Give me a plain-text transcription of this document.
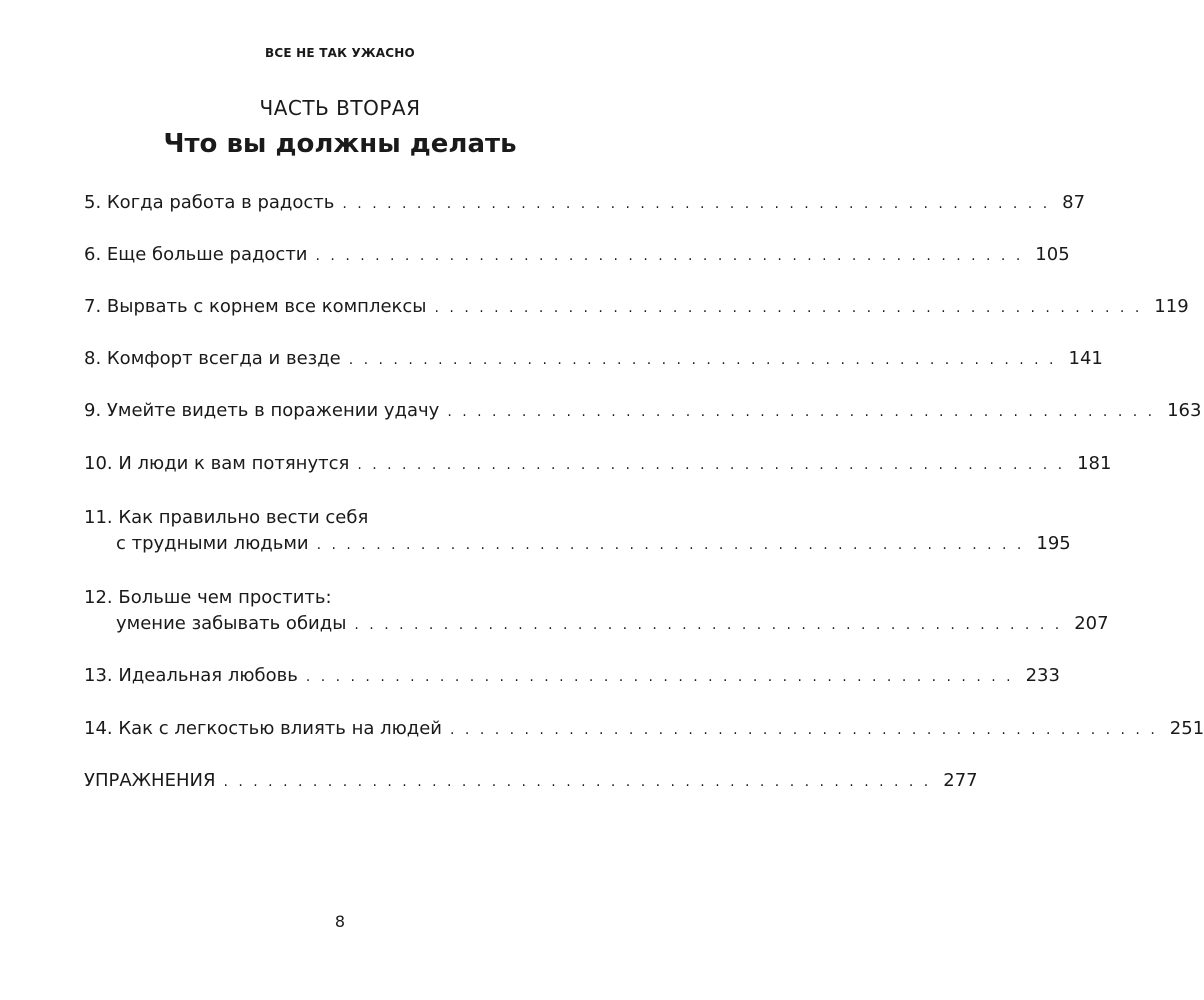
ВСЕ НЕ ТАК УЖАСНО
ЧАСТЬ ВТОРАЯ
Что вы должны делать
5. Когда работа в радость . . . . . . . . . . . . . . . . . . . . . . . . . . . . . . . . . . . . . . . . . . . . . . . . 87
6. Еще больше радости . . . . . . . . . . . . . . . . . . . . . . . . . . . . . . . . . . . . . . . . . . . . . . . . 105
7. Вырвать с корнем все комплексы . . . . . . . . . . . . . . . . . . . . . . . . . . . . . . . . . . . . . . . . . . . . . . . . 119
8. Комфорт всегда и везде . . . . . . . . . . . . . . . . . . . . . . . . . . . . . . . . . . . . . . . . . . . . . . . . 141
9. Умейте видеть в поражении удачу . . . . . . . . . . . . . . . . . . . . . . . . . . . . . . . . . . . . . . . . . . . . . . . . 163
10. И люди к вам потянутся . . . . . . . . . . . . . . . . . . . . . . . . . . . . . . . . . . . . . . . . . . . . . . . . 181
11. Как правильно вести себя
с трудными людьми . . . . . . . . . . . . . . . . . . . . . . . . . . . . . . . . . . . . . . . . . . . . . . . . 195
12. Больше чем простить:
умение забывать обиды . . . . . . . . . . . . . . . . . . . . . . . . . . . . . . . . . . . . . . . . . . . . . . . . 207
13. Идеальная любовь . . . . . . . . . . . . . . . . . . . . . . . . . . . . . . . . . . . . . . . . . . . . . . . . 233
14. Как с легкостью влиять на людей . . . . . . . . . . . . . . . . . . . . . . . . . . . . . . . . . . . . . . . . . . . . . . . . 251
УПРАЖНЕНИЯ . . . . . . . . . . . . . . . . . . . . . . . . . . . . . . . . . . . . . . . . . . . . . . . . 277
8
